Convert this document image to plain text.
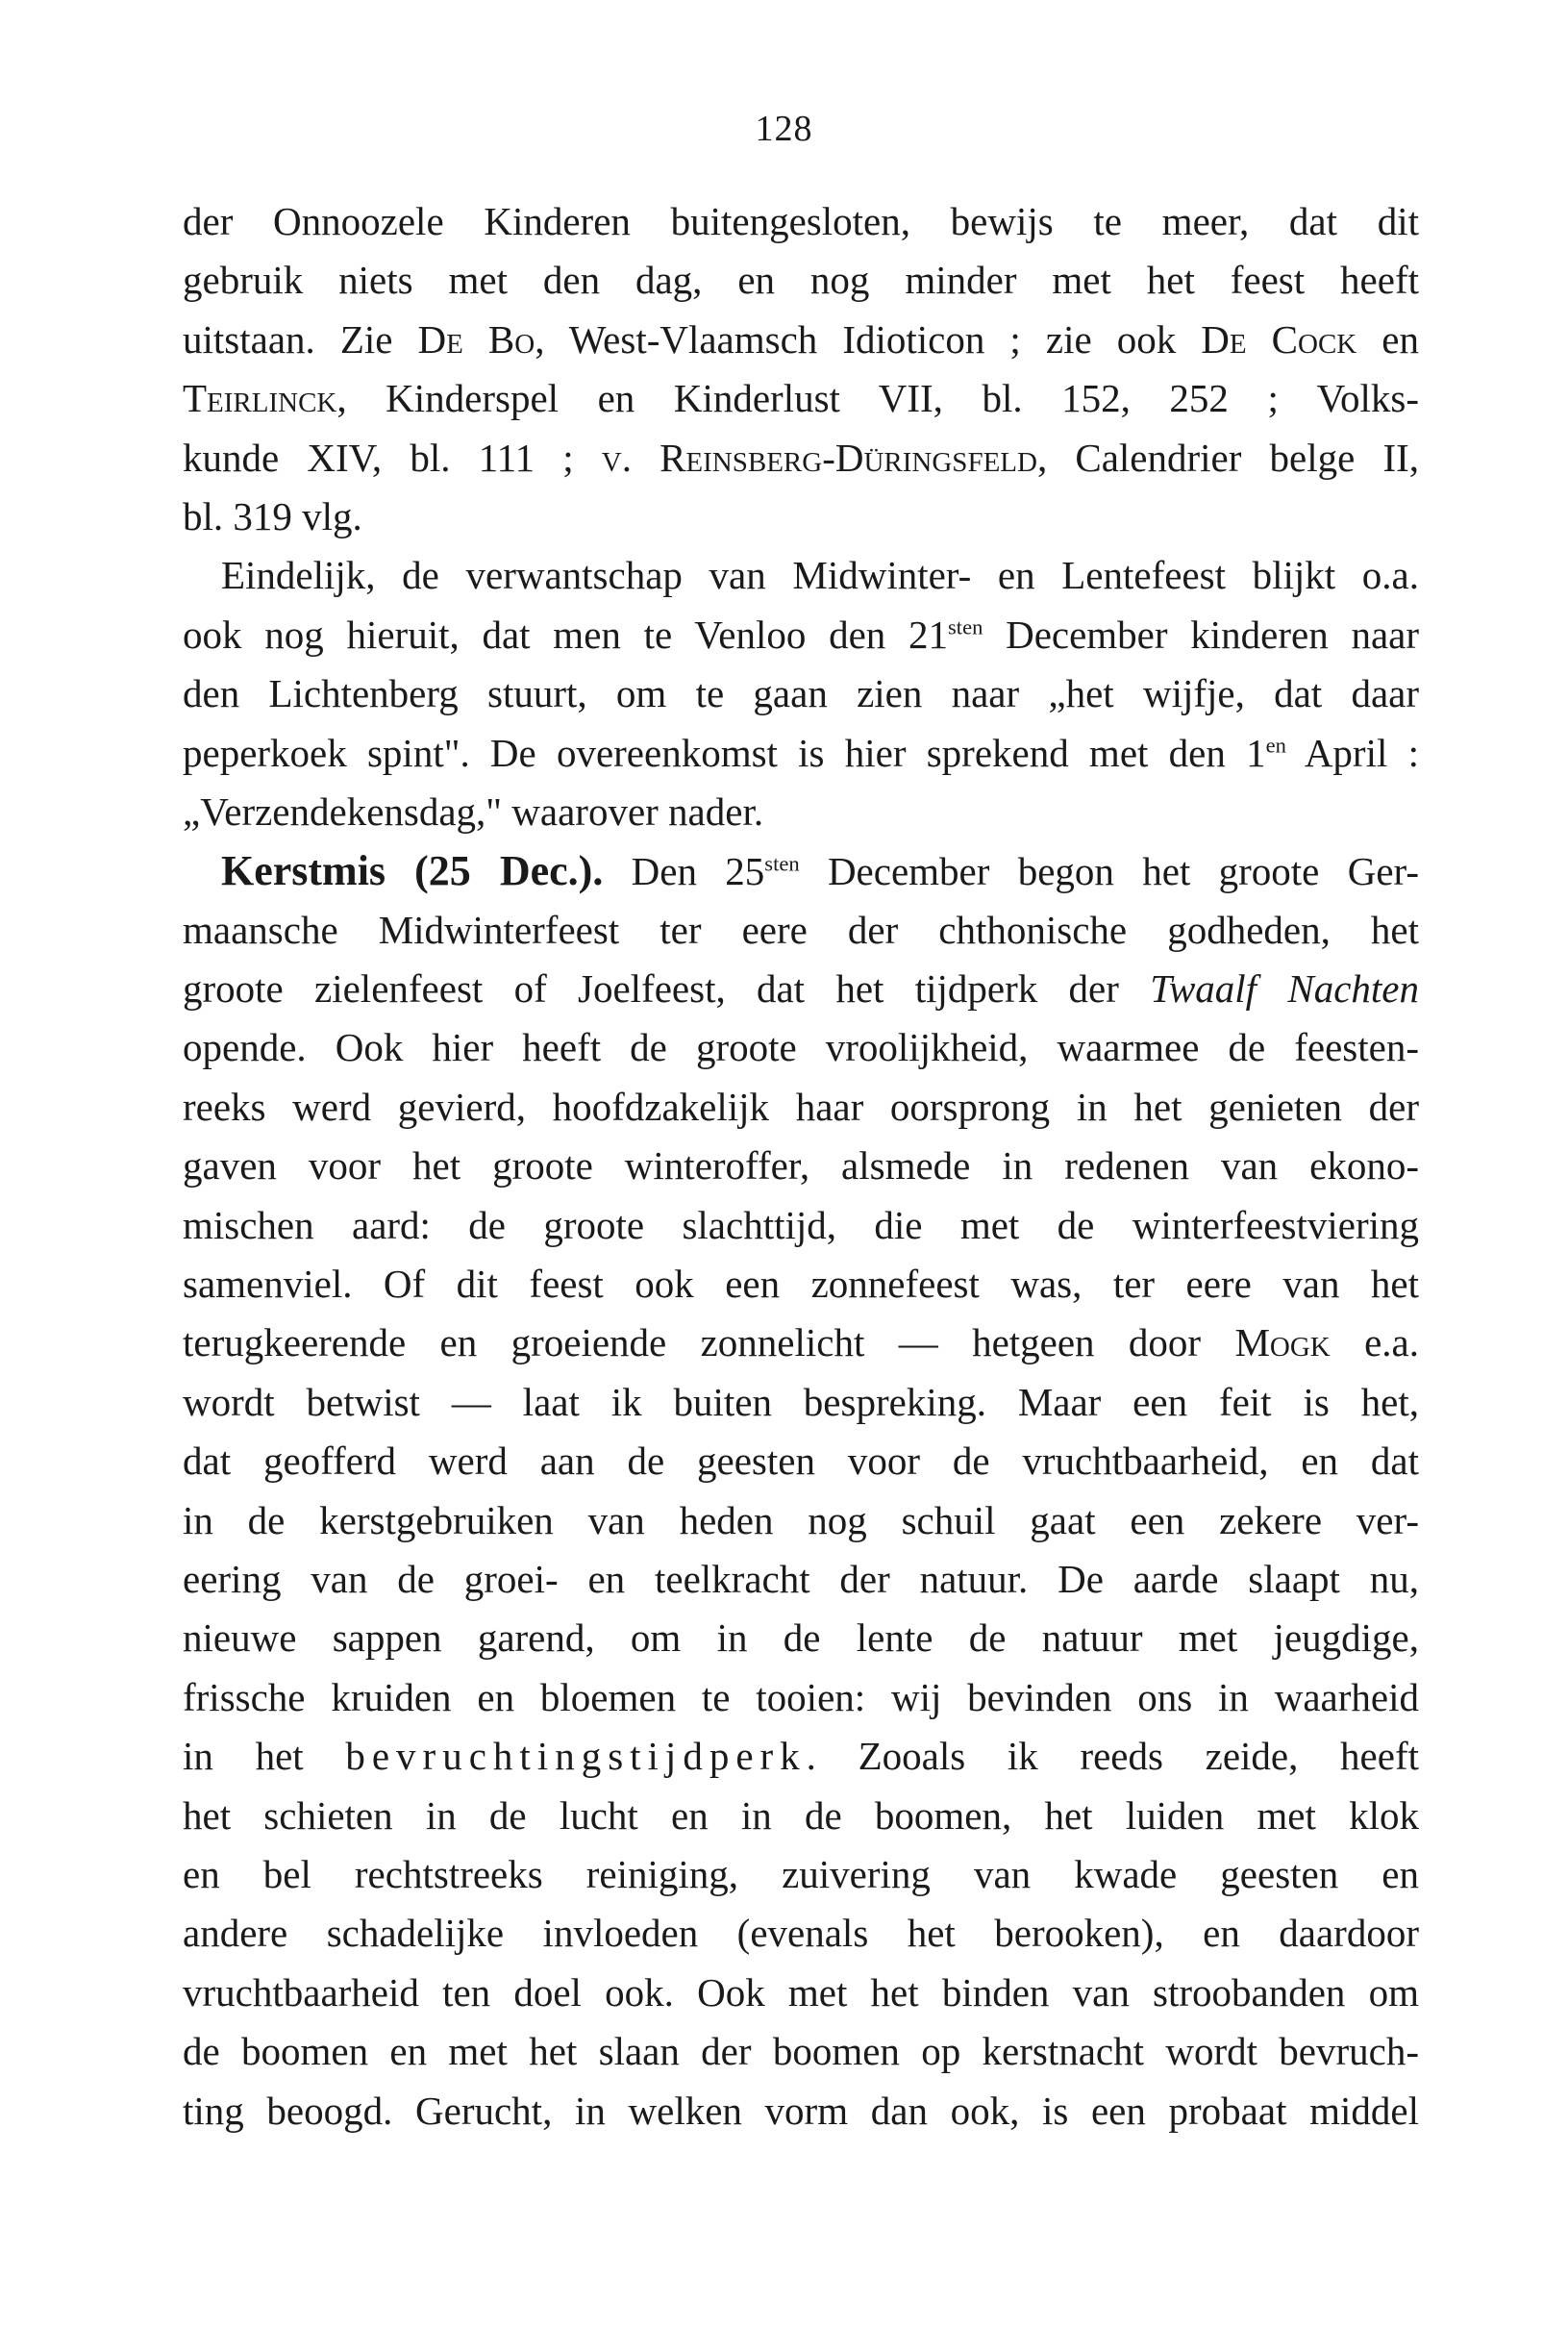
128
der Onnoozele Kinderen buitengesloten, bewijs te meer, dat dit
gebruik niets met den dag, en nog minder met het feest heeft
uitstaan. Zie De Bo, West-Vlaamsch Idioticon ; zie ook De Cock en
Teirlinck, Kinderspel en Kinderlust VII, bl. 152, 252 ; Volks-
kunde XIV, bl. 111 ; v. Reinsberg-Düringsfeld, Calendrier belge II,
bl. 319 vlg.
Eindelijk, de verwantschap van Midwinter- en Lentefeest blijkt o.a.
ook nog hieruit, dat men te Venloo den $21^{sten}$ December kinderen naar
den Lichtenberg stuurt, om te gaan zien naar „het wijfje, dat daar
peperkoek spint". De overeenkomst is hier sprekend met den $1^{en}$ April :
„Verzendekensdag," waarover nader.
Kerstmis (25 Dec.). Den $25^{sten}$ December begon het groote Ger-
maansche Midwinterfeest ter eere der chthonische godheden, het
groote zielenfeest of Joelfeest, dat het tijdperk der Twaalf Nachten
opende. Ook hier heeft de groote vroolijkheid, waarmee de feesten-
reeks werd gevierd, hoofdzakelijk haar oorsprong in het genieten der
gaven voor het groote winteroffer, alsmede in redenen van ekono-
mischen aard: de groote slachttijd, die met de winterfeestviering
samenviel. Of dit feest ook een zonnefeest was, ter eere van het
terugkeerende en groeiende zonnelicht — hetgeen door Mogk e.a.
wordt betwist — laat ik buiten bespreking. Maar een feit is het,
dat geofferd werd aan de geesten voor de vruchtbaarheid, en dat
in de kerstgebruiken van heden nog schuil gaat een zekere ver-
eering van de groei- en teelkracht der natuur. De aarde slaapt nu,
nieuwe sappen garend, om in de lente de natuur met jeugdige,
frissche kruiden en bloemen te tooien: wij bevinden ons in waarheid
in het bevruchtingstijdperk. Zooals ik reeds zeide, heeft
het schieten in de lucht en in de boomen, het luiden met klok
en bel rechtstreeks reiniging, zuivering van kwade geesten en
andere schadelijke invloeden (evenals het berooken), en daardoor
vruchtbaarheid ten doel ook. Ook met het binden van stroobanden om
de boomen en met het slaan der boomen op kerstnacht wordt bevruch-
ting beoogd. Gerucht, in welken vorm dan ook, is een probaat middel
